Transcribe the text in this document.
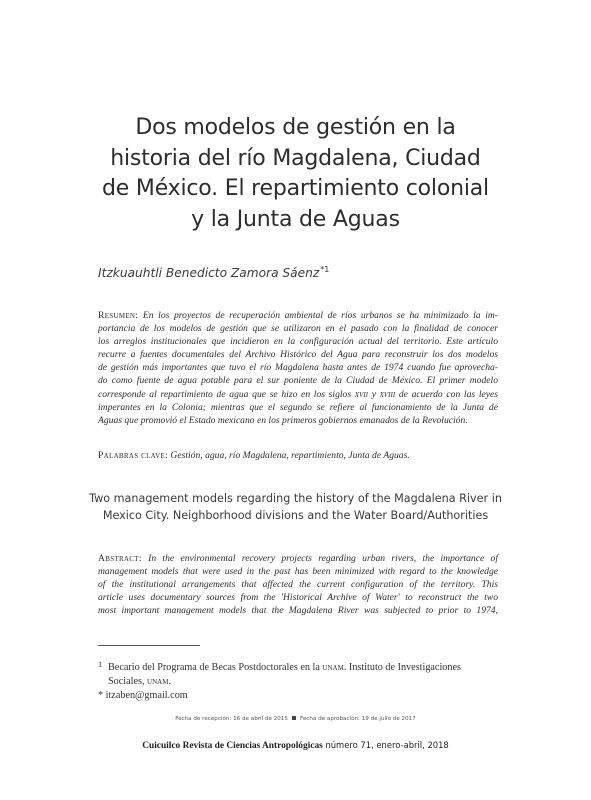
Dos modelos de gestión en la
historia del río Magdalena, Ciudad
de México. El repartimiento colonial
y la Junta de Aguas
Itzkuauhtli Benedicto Zamora Sáenz$^{*1}$
Resumen: En los proyectos de recuperación ambiental de ríos urbanos se ha minimizado la im-
portancia de los modelos de gestión que se utilizaron en el pasado con la finalidad de conocer
los arreglos institucionales que incidieron en la configuración actual del territorio. Este artículo
recurre a fuentes documentales del Archivo Histórico del Agua para reconstruir los dos modelos
de gestión más importantes que tuvo el río Magdalena hasta antes de 1974 cuando fue aprovecha-
do como fuente de agua potable para el sur poniente de la Ciudad de México. El primer modelo
corresponde al repartimiento de agua que se hizo en los siglos xvii y xviii de acuerdo con las leyes
imperantes en la Colonia; mientras que el segundo se refiere al funcionamiento de la Junta de
Aguas que promovió el Estado mexicano en los primeros gobiernos emanados de la Revolución.
Palabras clave: Gestión, agua, río Magdalena, repartimiento, Junta de Aguas.
Two management models regarding the history of the Magdalena River in
Mexico City. Neighborhood divisions and the Water Board/Authorities
Abstract: In the environmental recovery projects regarding urban rivers, the importance of
management models that were used in the past has been minimized with regard to the knowledge
of the institutional arrangements that affected the current configuration of the territory. This
article uses documentary sources from the 'Historical Archive of Water' to reconstruct the two
most important management models that the Magdalena River was subjected to prior to 1974,
1 Becario del Programa de Becas Postdoctorales en la unam. Instituto de Investigaciones
Sociales, unam.
* itzaben@gmail.com
Fecha de recepción: 16 de abril de 2015 Fecha de aprobación: 19 de julio de 2017
Cuicuilco Revista de Ciencias Antropológicas número 71, enero-abril, 2018
